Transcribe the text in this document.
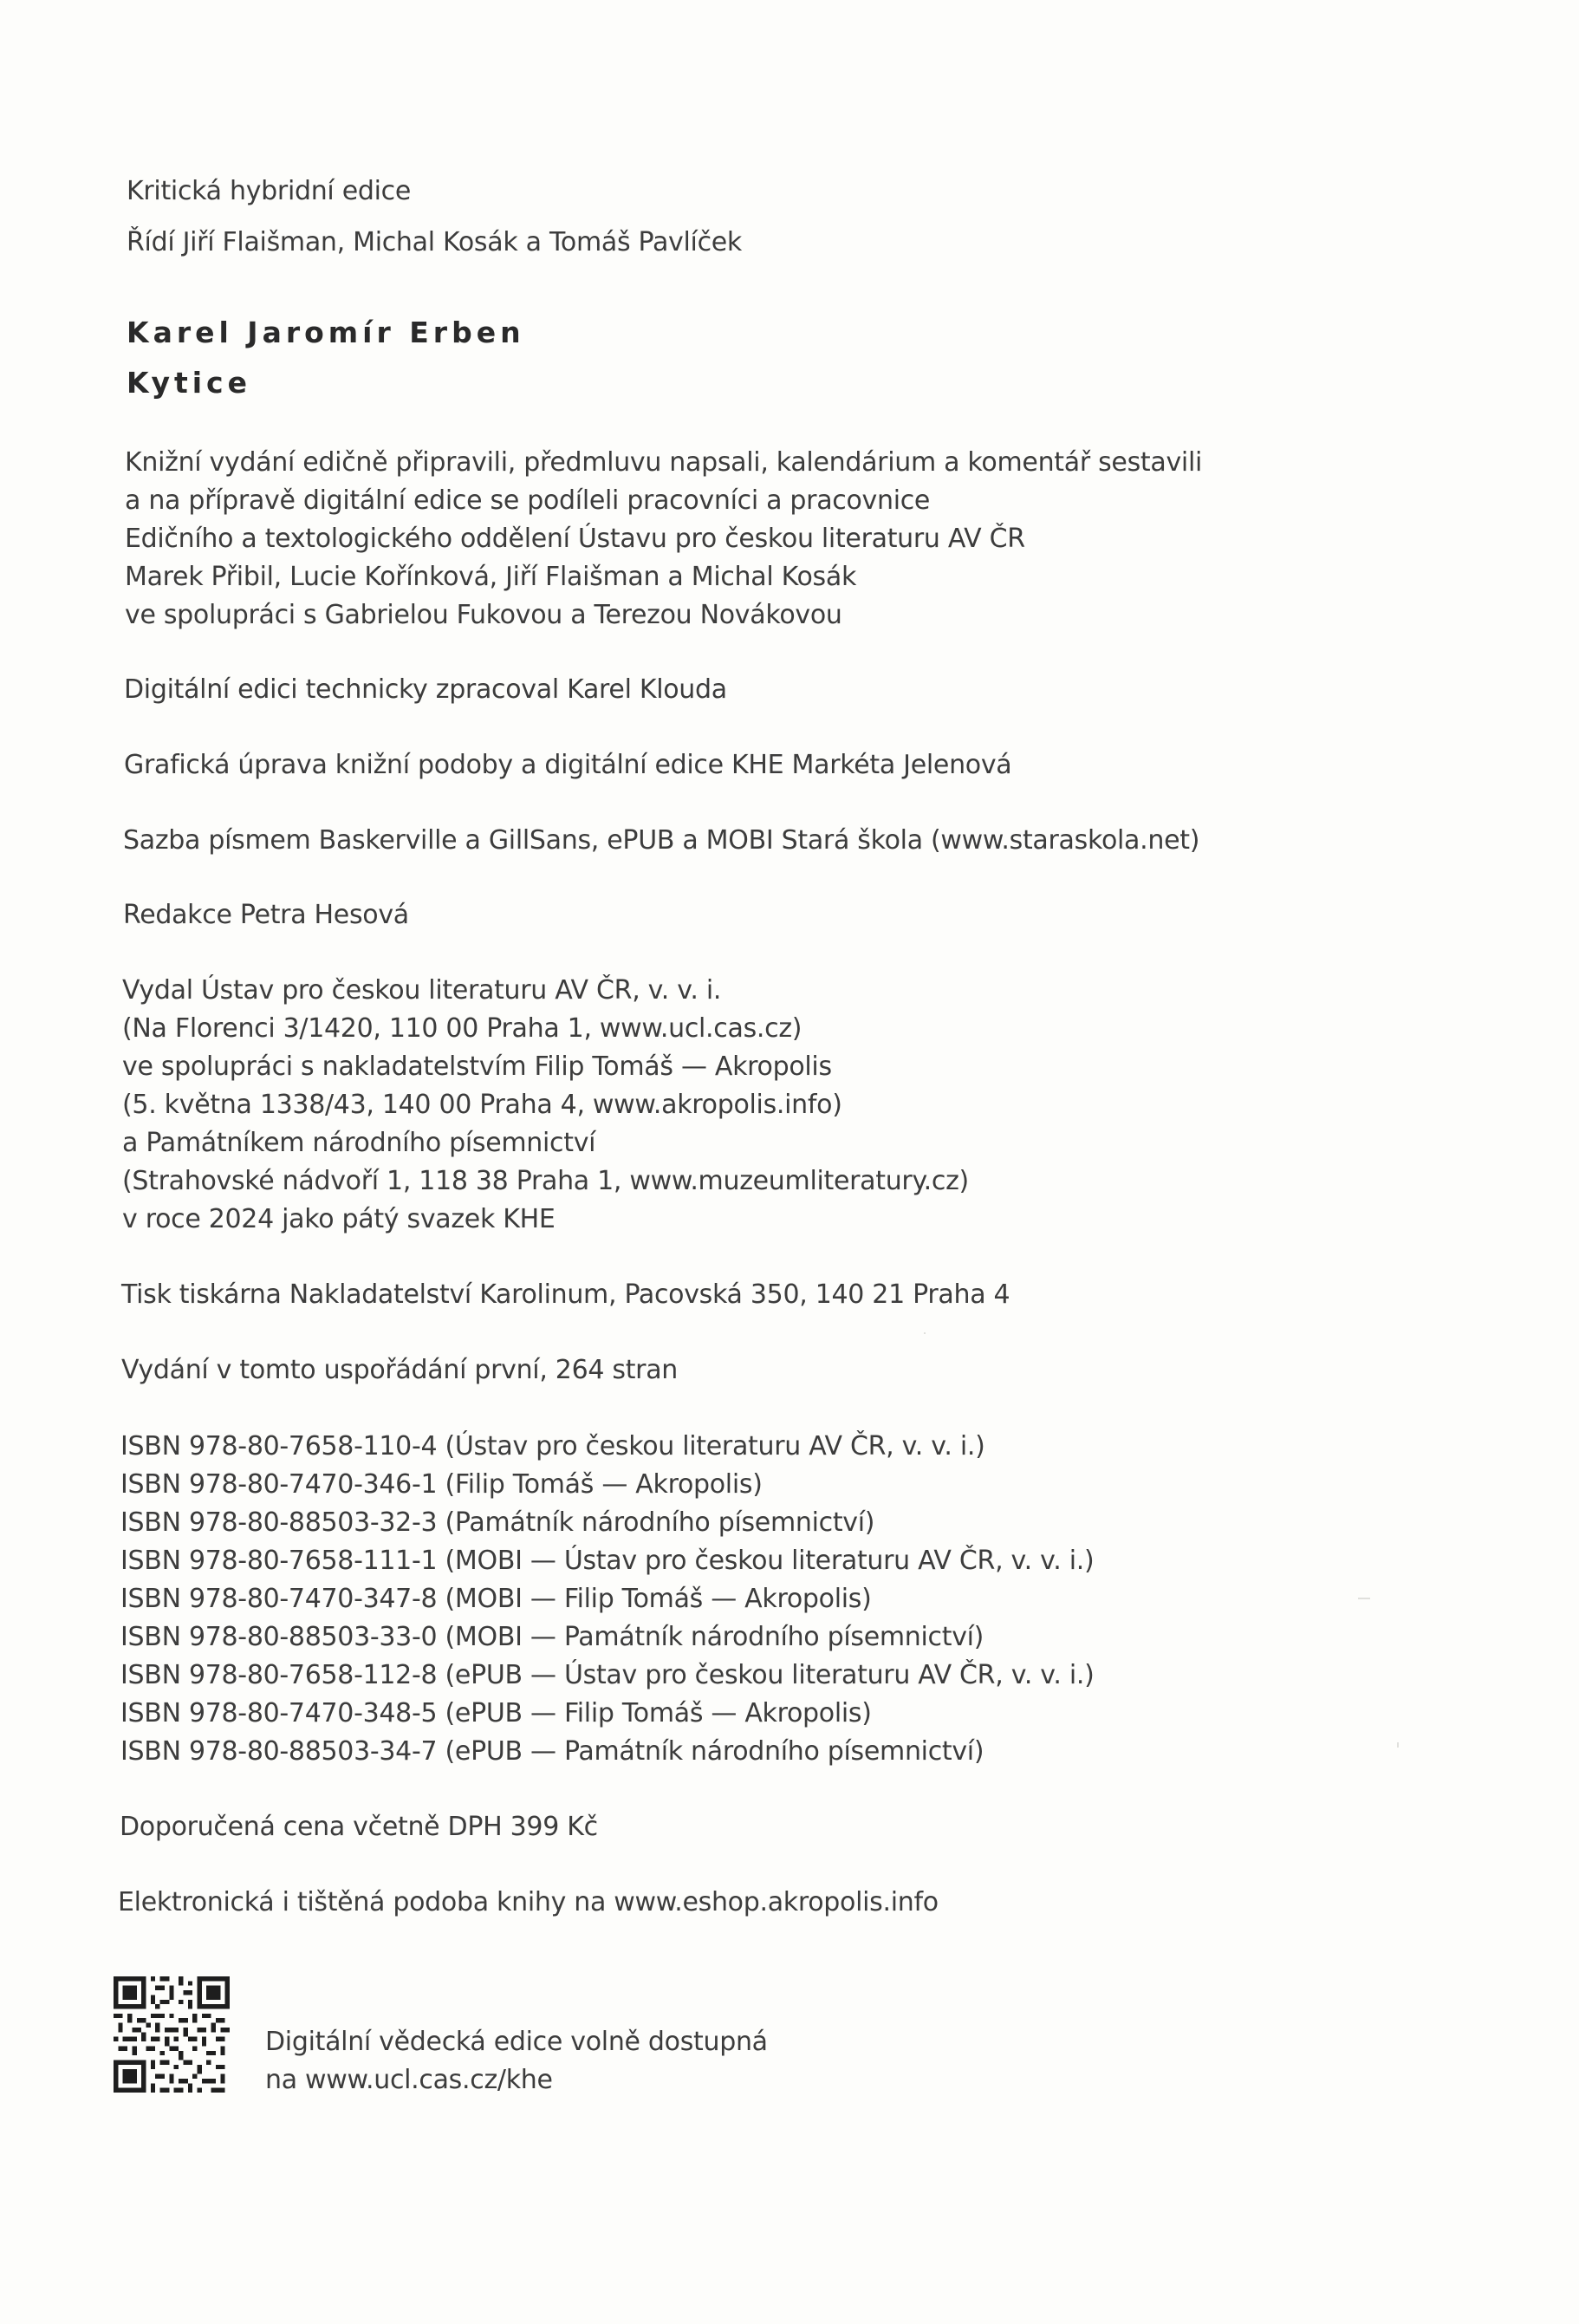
Kritická hybridní edice
Řídí Jiří Flaišman, Michal Kosák a Tomáš Pavlíček
Karel Jaromír Erben
Kytice
Knižní vydání edičně připravili, předmluvu napsali, kalendárium a komentář sestavili
a na přípravě digitální edice se podíleli pracovníci a pracovnice
Edičního a textologického oddělení Ústavu pro českou literaturu AV ČR
Marek Přibil, Lucie Kořínková, Jiří Flaišman a Michal Kosák
ve spolupráci s Gabrielou Fukovou a Terezou Novákovou
Digitální edici technicky zpracoval Karel Klouda
Grafická úprava knižní podoby a digitální edice KHE Markéta Jelenová
Sazba písmem Baskerville a GillSans, ePUB a MOBI Stará škola (www.staraskola.net)
Redakce Petra Hesová
Vydal Ústav pro českou literaturu AV ČR, v. v. i.
(Na Florenci 3/1420, 110 00 Praha 1, www.ucl.cas.cz)
ve spolupráci s nakladatelstvím Filip Tomáš — Akropolis
(5. května 1338/43, 140 00 Praha 4, www.akropolis.info)
a Památníkem národního písemnictví
(Strahovské nádvoří 1, 118 38 Praha 1, www.muzeumliteratury.cz)
v roce 2024 jako pátý svazek KHE
Tisk tiskárna Nakladatelství Karolinum, Pacovská 350, 140 21 Praha 4
Vydání v tomto uspořádání první, 264 stran
ISBN 978-80-7658-110-4 (Ústav pro českou literaturu AV ČR, v. v. i.)
ISBN 978-80-7470-346-1 (Filip Tomáš — Akropolis)
ISBN 978-80-88503-32-3 (Památník národního písemnictví)
ISBN 978-80-7658-111-1 (MOBI — Ústav pro českou literaturu AV ČR, v. v. i.)
ISBN 978-80-7470-347-8 (MOBI — Filip Tomáš — Akropolis)
ISBN 978-80-88503-33-0 (MOBI — Památník národního písemnictví)
ISBN 978-80-7658-112-8 (ePUB — Ústav pro českou literaturu AV ČR, v. v. i.)
ISBN 978-80-7470-348-5 (ePUB — Filip Tomáš — Akropolis)
ISBN 978-80-88503-34-7 (ePUB — Památník národního písemnictví)
Doporučená cena včetně DPH 399 Kč
Elektronická i tištěná podoba knihy na www.eshop.akropolis.info
Digitální vědecká edice volně dostupná
na www.ucl.cas.cz/khe
